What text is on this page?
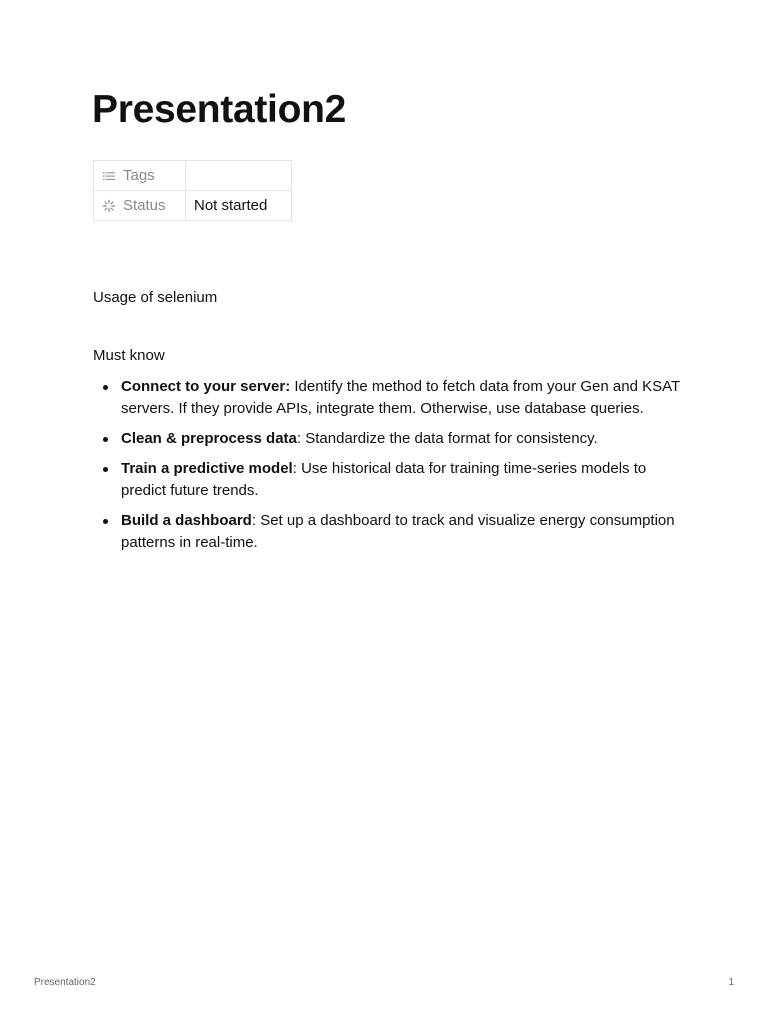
Presentation2
Tags	

Status	Not started

Usage of selenium

Must know

Connect to your server: Identify the method to fetch data from your Gen and KSAT servers. If they provide APIs, integrate them. Otherwise, use database queries.
Clean & preprocess data: Standardize the data format for consistency.
Train a predictive model: Use historical data for training time-series models to predict future trends.
Build a dashboard: Set up a dashboard to track and visualize energy consumption patterns in real-time.
Presentation2	1
